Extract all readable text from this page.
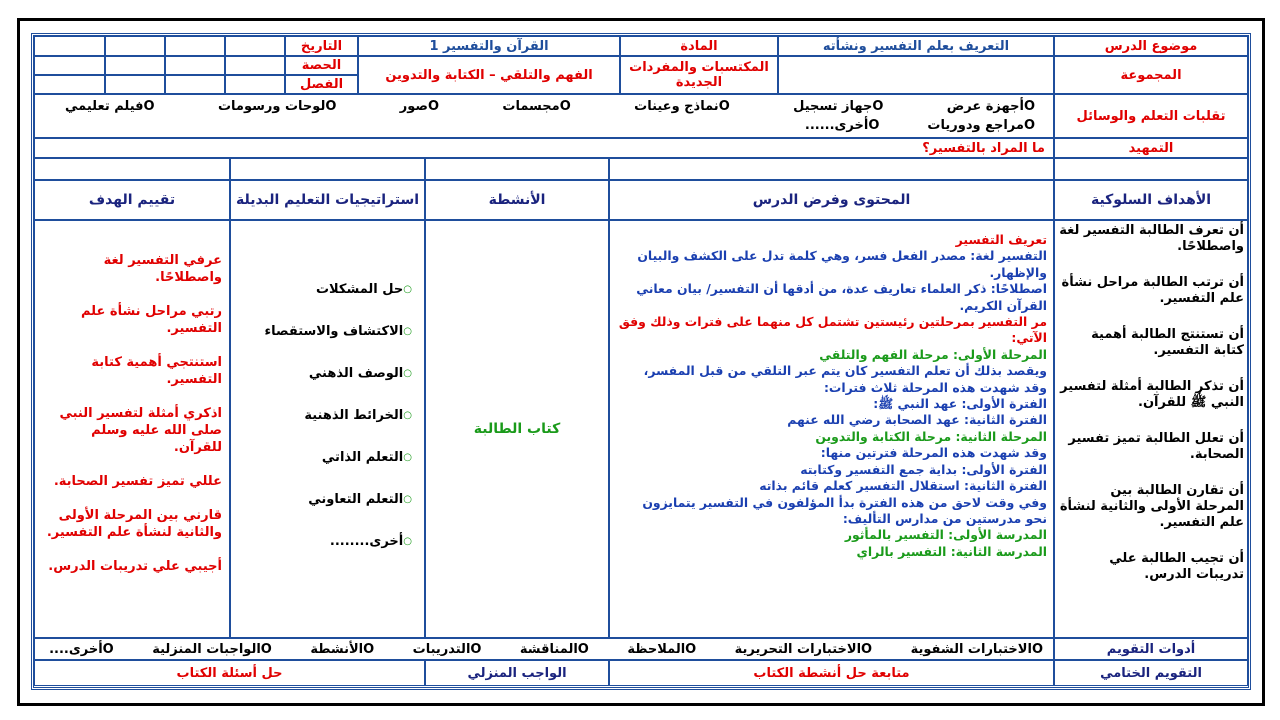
موضوع الدرس
التعريف بعلم التفسير ونشأته
المادة
القرآن والتفسير 1
التاريخ
المجموعة
المكتسبات والمفردات الجديدة
الفهم والتلقي – الكتابة والتدوين
الحصة
الفصل
تقلبات التعلم والوسائل
Oأجهزة عرض
Oجهاز تسجيل
Oنماذج وعينات
Oمجسمات
Oصور
Oلوحات ورسومات
Oفيلم تعليمي
Oمراجع ودوريات
Oأخرى......
التمهيد
ما المراد بالتفسير؟
الأهداف السلوكية
المحتوى وفرض الدرس
الأنشطة
استراتيجيات التعليم البديلة
تقييم الهدف
كتاب الطالبة

أن تعرف الطالبة التفسير لغة واصطلاحًا.

أن ترتب الطالبة مراحل نشأة علم التفسير.

أن تستنتج الطالبة أهمية كتابة التفسير.

أن تذكر الطالبة أمثلة لتفسير النبي ﷺ للقرآن.

أن تعلل الطالبة تميز تفسير الصحابة.

أن تقارن الطالبة بين المرحلة الأولى والثانية لنشأة علم التفسير.

أن تجيب الطالبة علي تدريبات الدرس.

تعريف التفسير

التفسير لغة: مصدر الفعل فسر، وهي كلمة تدل على الكشف والبيان والإظهار.

اصطلاحًا: ذكر العلماء تعاريف عدة، من أدقها أن التفسير/ بيان معاني القرآن الكريم.

مر التفسير بمرحلتين رئيستين تشتمل كل منهما على فترات وذلك وفق الآتي:

المرحلة الأولى: مرحلة الفهم والتلقي

ويقصد بذلك أن تعلم التفسير كان يتم عبر التلقي من قبل المفسر، وقد شهدت هذه المرحلة ثلاث فترات:

الفترة الأولى: عهد النبي ﷺ:

الفترة الثانية: عهد الصحابة رضي الله عنهم

المرحلة الثانية: مرحلة الكتابة والتدوين

وقد شهدت هذه المرحلة فترتين منها:

الفترة الأولى: بداية جمع التفسير وكتابته

الفترة الثانية: استقلال التفسير كعلم قائم بذاته

وفي وقت لاحق من هذه الفترة بدأ المؤلفون في التفسير يتمايزون نحو مدرستين من مدارس التأليف:

المدرسة الأولى: التفسير بالمأثور

المدرسة الثانية: التفسير بالراي

○
حل المشكلات
○
الاكتشاف والاستقصاء
○
الوصف الذهني
○
الخرائط الذهنية
○
التعلم الذاتي
○
التعلم التعاوني
○
أخرى........

عرفي التفسير لغة واصطلاحًا.

رتبي مراحل نشأة علم التفسير.

استنتجي أهمية كتابة التفسير.

اذكري أمثلة لتفسير النبي صلى الله عليه وسلم للقرآن.

عللي تميز تفسير الصحابة.

قارني بين المرحلة الأولى والثانية لنشأة علم التفسير.

أجيبي علي تدريبات الدرس.

أدوات التقويم
Oالاختبارات الشفوية
Oالاختبارات التحريرية
Oالملاحظة
Oالمناقشة
Oالتدريبات
Oالأنشطة
Oالواجبات المنزلية
Oأخرى....
التقويم الختامي
متابعة حل أنشطة الكتاب
الواجب المنزلي
حل أسئلة الكتاب
